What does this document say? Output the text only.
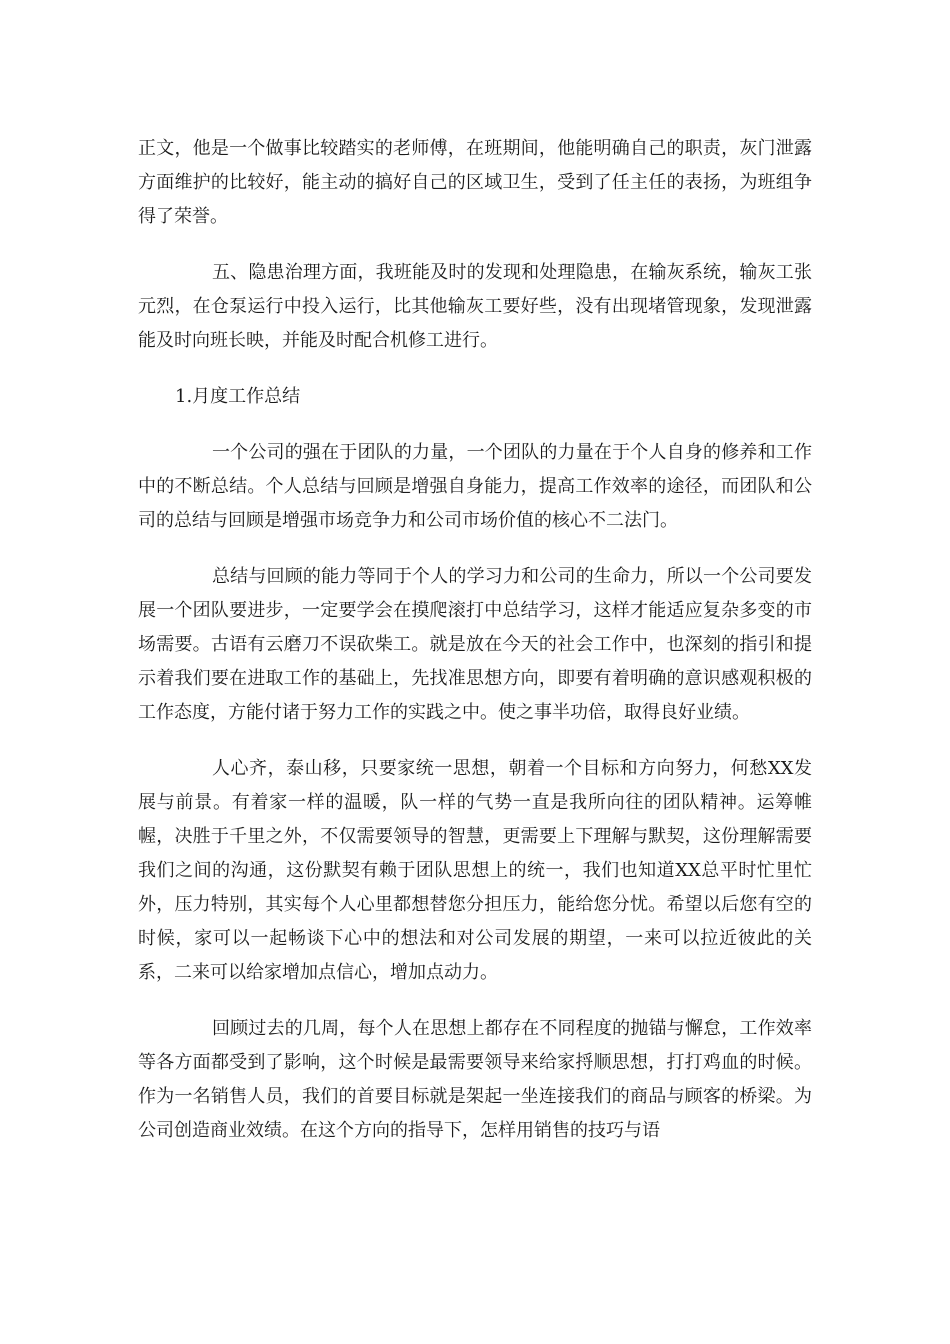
正文，他是一个做事比较踏实的老师傅，在班期间，他能明确自己的职责，灰门泄露方面维护的比较好，能主动的搞好自己的区域卫生，受到了任主任的表扬，为班组争得了荣誉。

五、隐患治理方面，我班能及时的发现和处理隐患，在输灰系统，输灰工张元烈，在仓泵运行中投入运行，比其他输灰工要好些，没有出现堵管现象，发现泄露能及时向班长映，并能及时配合机修工进行。

1.月度工作总结

一个公司的强在于团队的力量，一个团队的力量在于个人自身的修养和工作中的不断总结。个人总结与回顾是增强自身能力，提高工作效率的途径，而团队和公司的总结与回顾是增强市场竞争力和公司市场价值的核心不二法门。

总结与回顾的能力等同于个人的学习力和公司的生命力，所以一个公司要发展一个团队要进步，一定要学会在摸爬滚打中总结学习，这样才能适应复杂多变的市场需要。古语有云磨刀不误砍柴工。就是放在今天的社会工作中，也深刻的指引和提示着我们要在进取工作的基础上，先找准思想方向，即要有着明确的意识感观积极的工作态度，方能付诸于努力工作的实践之中。使之事半功倍，取得良好业绩。

人心齐，泰山移，只要家统一思想，朝着一个目标和方向努力，何愁XX发展与前景。有着家一样的温暖，队一样的气势一直是我所向往的团队精神。运筹帷幄，决胜于千里之外，不仅需要领导的智慧，更需要上下理解与默契，这份理解需要我们之间的沟通，这份默契有赖于团队思想上的统一，我们也知道XX总平时忙里忙外，压力特别，其实每个人心里都想替您分担压力，能给您分忧。希望以后您有空的时候，家可以一起畅谈下心中的想法和对公司发展的期望，一来可以拉近彼此的关系，二来可以给家增加点信心，增加点动力。

回顾过去的几周，每个人在思想上都存在不同程度的抛锚与懈怠，工作效率等各方面都受到了影响，这个时候是最需要领导来给家捋顺思想，打打鸡血的时候。作为一名销售人员，我们的首要目标就是架起一坐连接我们的商品与顾客的桥梁。为公司创造商业效绩。在这个方向的指导下，怎样用销售的技巧与语
